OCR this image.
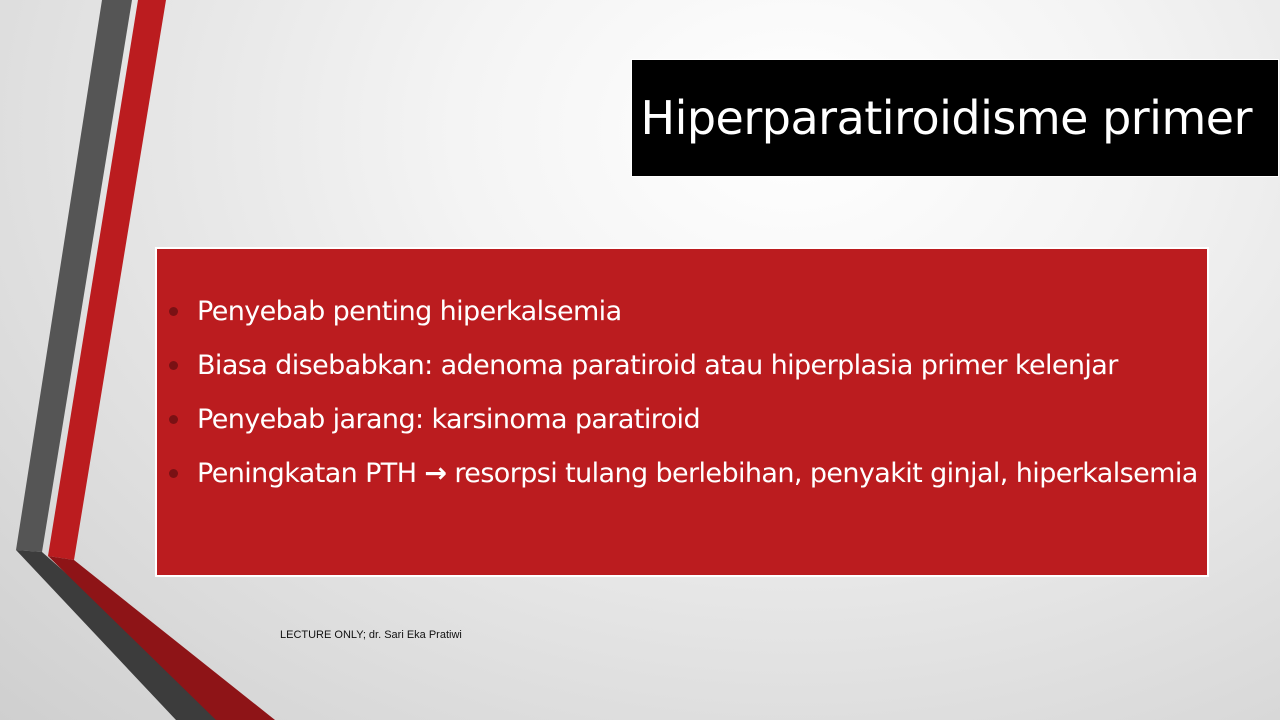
Hiperparatiroidisme primer
Penyebab penting hiperkalsemia
Biasa disebabkan: adenoma paratiroid atau hiperplasia primer kelenjar
Penyebab jarang: karsinoma paratiroid
Peningkatan PTH → resorpsi tulang berlebihan, penyakit ginjal, hiperkalsemia
LECTURE ONLY; dr. Sari Eka Pratiwi
